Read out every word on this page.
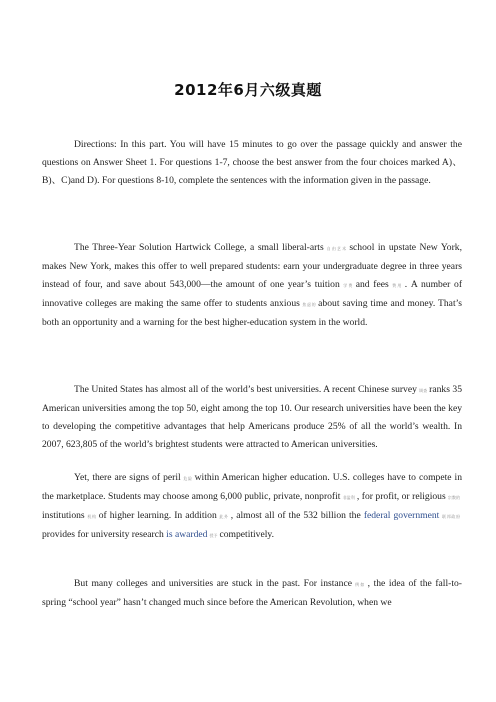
2012年6月六级真题

Directions: In this part. You will have 15 minutes to go over the passage quickly and answer the questions on Answer Sheet 1. For questions 1-7, choose the best answer from the four choices marked A)、B)、C)and D). For questions 8-10, complete the sentences with the information given in the passage.

The Three-Year Solution Hartwick College, a small liberal-arts 自由艺术 school in upstate New York, makes New York, makes this offer to well prepared students: earn your undergraduate degree in three years instead of four, and save about 543,000—the amount of one year’s tuition 学费 and fees 费用 . A number of innovative colleges are making the same offer to students anxious 焦虑的 about saving time and money. That’s both an opportunity and a warning for the best higher-education system in the world.

The United States has almost all of the world’s best universities. A recent Chinese survey 调查 ranks 35 American universities among the top 50, eight among the top 10. Our research universities have been the key to developing the competitive advantages that help Americans produce 25% of all the world’s wealth. In 2007, 623,805 of the world’s brightest students were attracted to American universities.

Yet, there are signs of peril 危险 within American higher education. U.S. colleges have to compete in the marketplace. Students may choose among 6,000 public, private, nonprofit 非盈利 , for profit, or religious 宗教的institutions 机构 of higher learning. In addition 此外 , almost all of the 532 billion the federal government 联邦政府provides for university research is awarded 授予 competitively.

But many colleges and universities are stuck in the past. For instance 例如 , the idea of the fall-to-spring “school year” hasn’t changed much since before the American Revolution, when we
